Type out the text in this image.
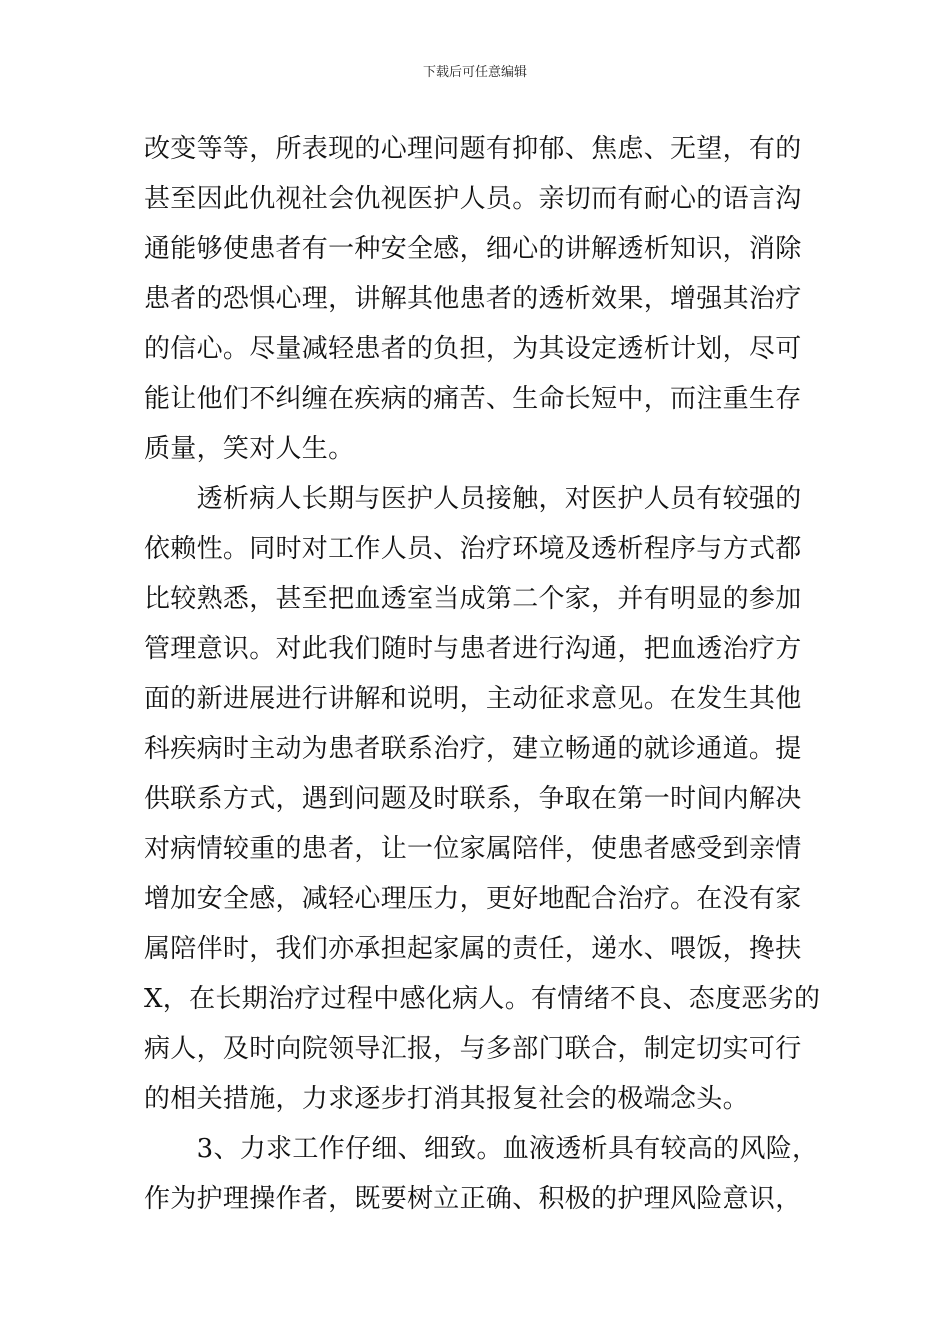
下载后可任意编辑
改变等等，所表现的心理问题有抑郁、焦虑、无望，有的
甚至因此仇视社会仇视医护人员。亲切而有耐心的语言沟
通能够使患者有一种安全感，细心的讲解透析知识，消除
患者的恐惧心理，讲解其他患者的透析效果，增强其治疗
的信心。尽量减轻患者的负担，为其设定透析计划，尽可
能让他们不纠缠在疾病的痛苦、生命长短中，而注重生存
质量，笑对人生。
　　透析病人长期与医护人员接触，对医护人员有较强的
依赖性。同时对工作人员、治疗环境及透析程序与方式都
比较熟悉，甚至把血透室当成第二个家，并有明显的参加
管理意识。对此我们随时与患者进行沟通，把血透治疗方
面的新进展进行讲解和说明，主动征求意见。在发生其他
科疾病时主动为患者联系治疗，建立畅通的就诊通道。提
供联系方式，遇到问题及时联系，争取在第一时间内解决
对病情较重的患者，让一位家属陪伴，使患者感受到亲情
增加安全感，减轻心理压力，更好地配合治疗。在没有家
属陪伴时，我们亦承担起家属的责任，递水、喂饭，搀扶
X，在长期治疗过程中感化病人。有情绪不良、态度恶劣的
病人，及时向院领导汇报，与多部门联合，制定切实可行
的相关措施，力求逐步打消其报复社会的极端念头。
　　3、力求工作仔细、细致。血液透析具有较高的风险，
作为护理操作者，既要树立正确、积极的护理风险意识，
